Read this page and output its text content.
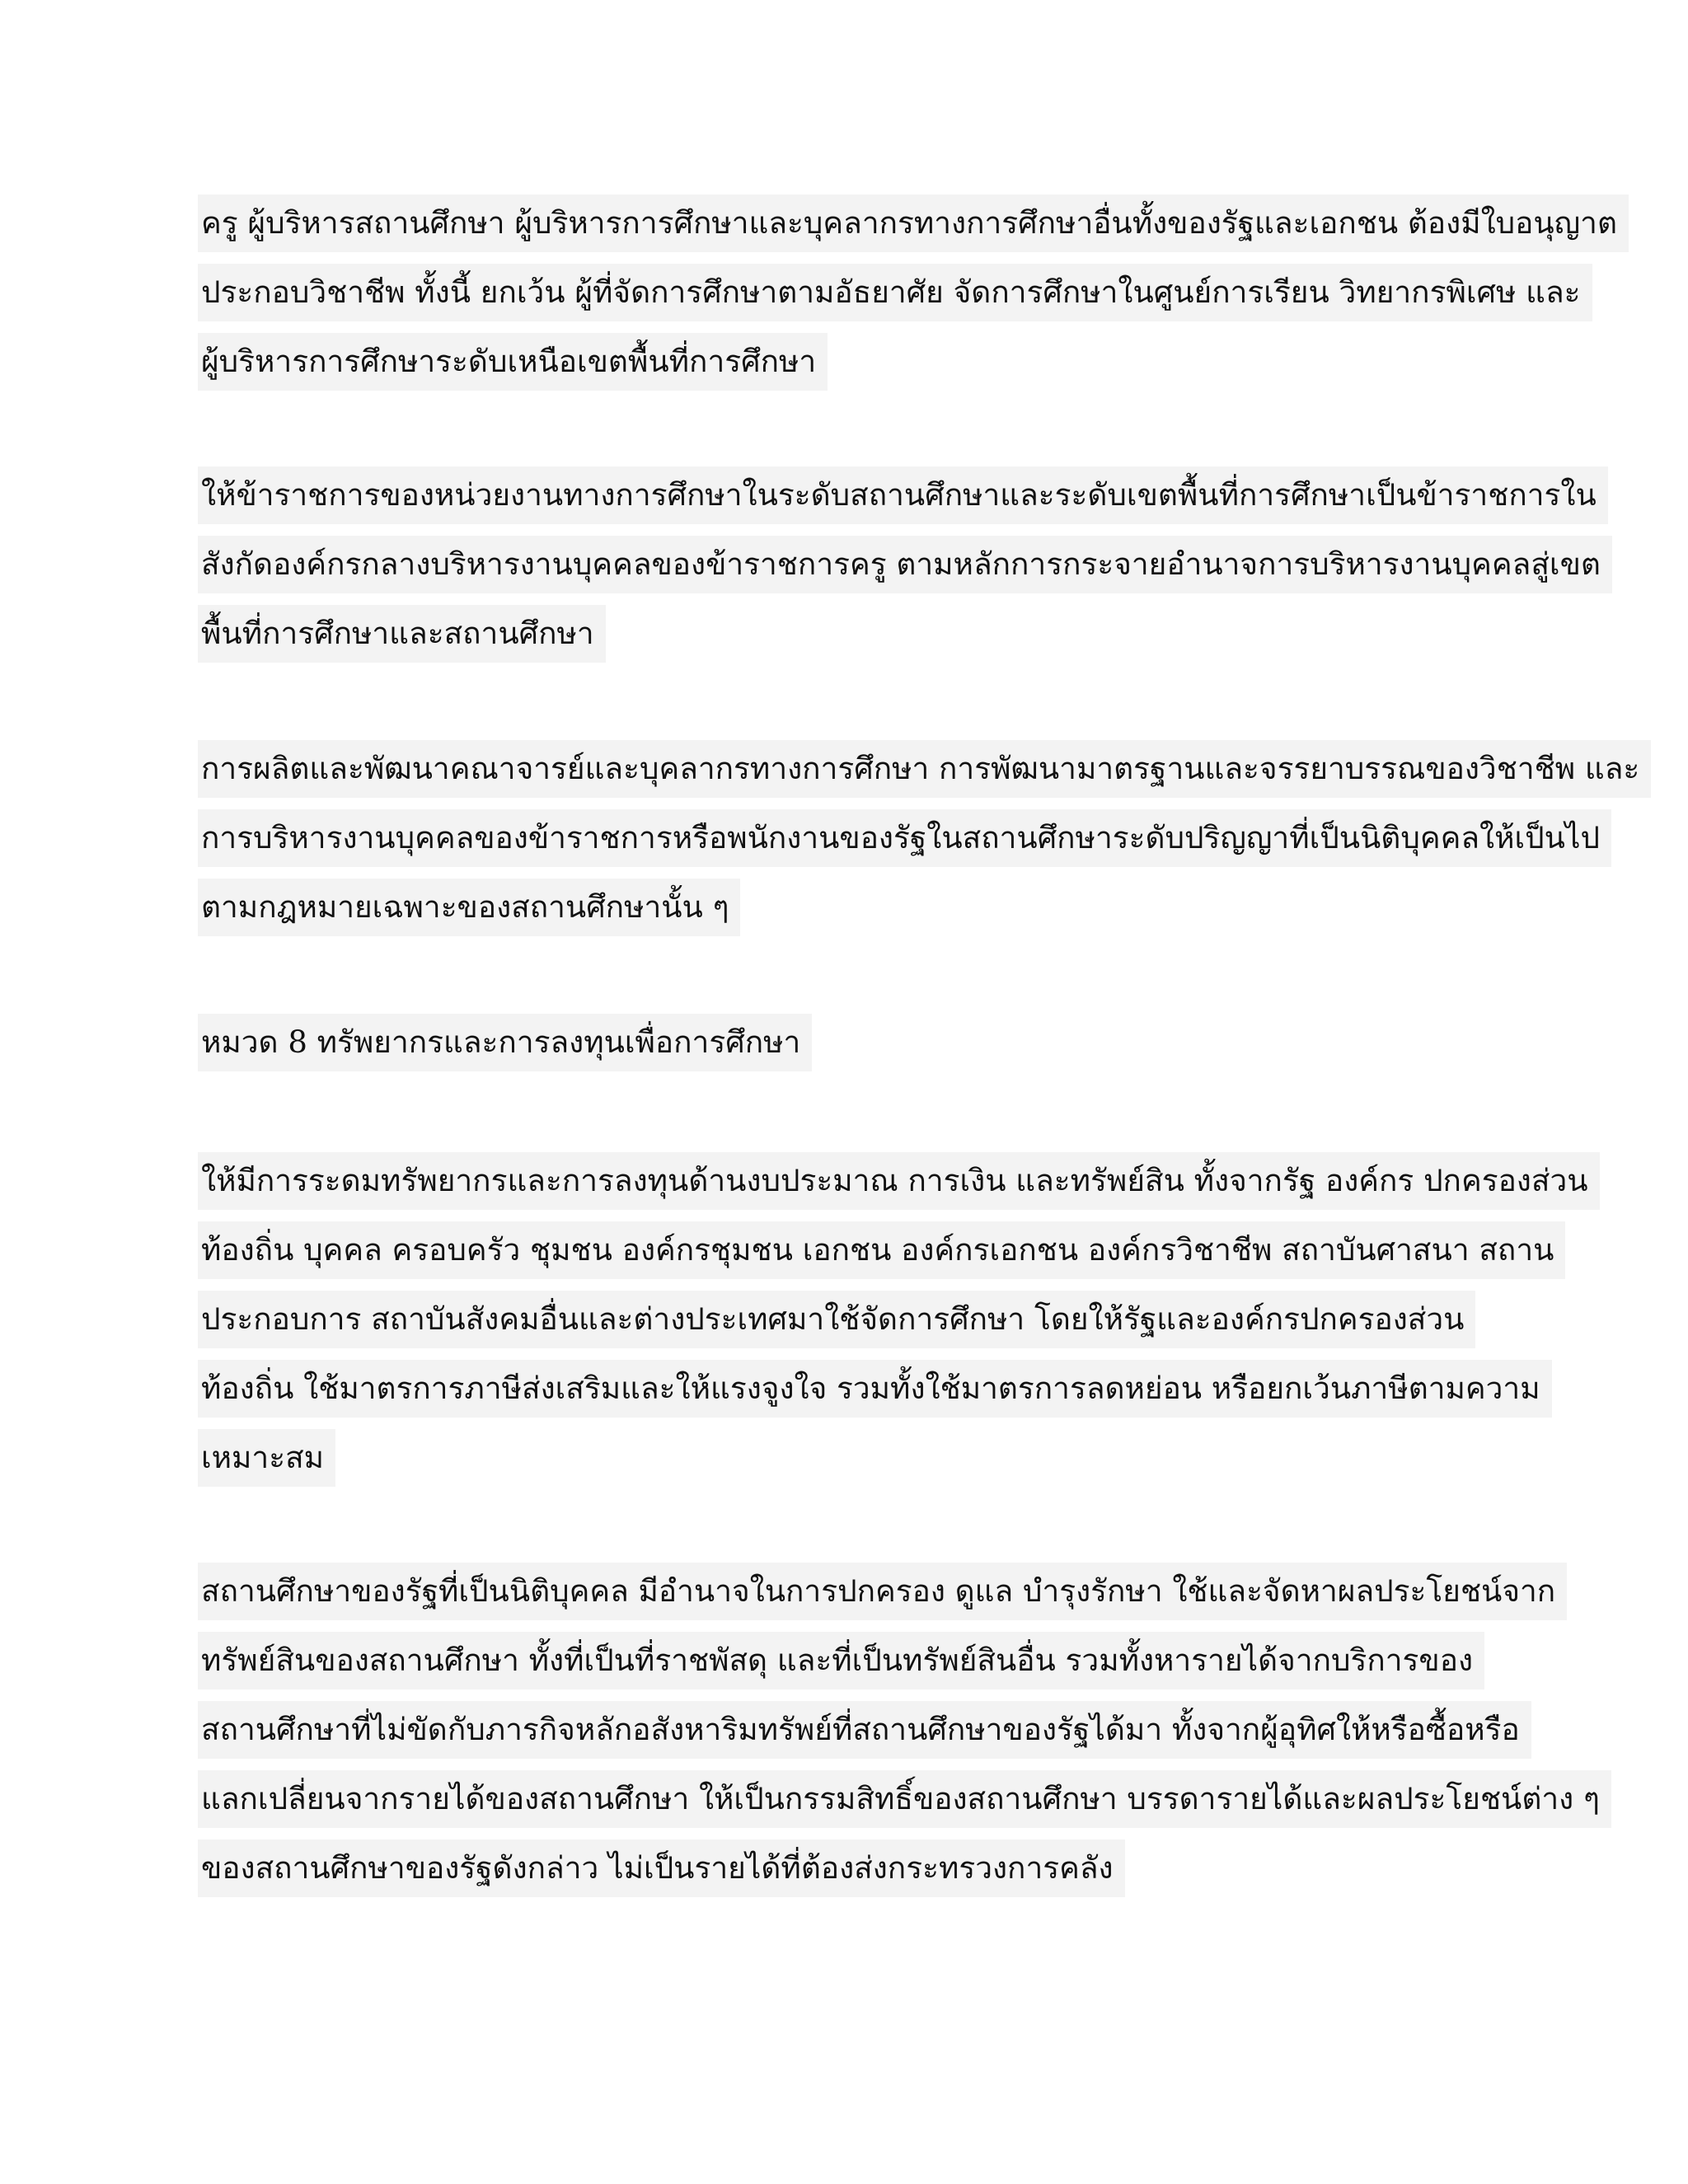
ครู ผู้บริหารสถานศึกษา ผู้บริหารการศึกษาและบุคลากรทางการศึกษาอื่นทั้งของรัฐและเอกชน ต้องมีใบอนุญาต
ประกอบวิชาชีพ ทั้งนี้ ยกเว้น ผู้ที่จัดการศึกษาตามอัธยาศัย จัดการศึกษาในศูนย์การเรียน วิทยากรพิเศษ และ
ผู้บริหารการศึกษาระดับเหนือเขตพื้นที่การศึกษา
ให้ข้าราชการของหน่วยงานทางการศึกษาในระดับสถานศึกษาและระดับเขตพื้นที่การศึกษาเป็นข้าราชการใน
สังกัดองค์กรกลางบริหารงานบุคคลของข้าราชการครู ตามหลักการกระจายอำนาจการบริหารงานบุคคลสู่เขต
พื้นที่การศึกษาและสถานศึกษา
การผลิตและพัฒนาคณาจารย์และบุคลากรทางการศึกษา การพัฒนามาตรฐานและจรรยาบรรณของวิชาชีพ และ
การบริหารงานบุคคลของข้าราชการหรือพนักงานของรัฐในสถานศึกษาระดับปริญญาที่เป็นนิติบุคคลให้เป็นไป
ตามกฎหมายเฉพาะของสถานศึกษานั้น ๆ
หมวด 8 ทรัพยากรและการลงทุนเพื่อการศึกษา
ให้มีการระดมทรัพยากรและการลงทุนด้านงบประมาณ การเงิน และทรัพย์สิน ทั้งจากรัฐ องค์กร ปกครองส่วน
ท้องถิ่น บุคคล ครอบครัว ชุมชน องค์กรชุมชน เอกชน องค์กรเอกชน องค์กรวิชาชีพ สถาบันศาสนา สถาน
ประกอบการ สถาบันสังคมอื่นและต่างประเทศมาใช้จัดการศึกษา โดยให้รัฐและองค์กรปกครองส่วน
ท้องถิ่น ใช้มาตรการภาษีส่งเสริมและให้แรงจูงใจ รวมทั้งใช้มาตรการลดหย่อน หรือยกเว้นภาษีตามความ
เหมาะสม
สถานศึกษาของรัฐที่เป็นนิติบุคคล มีอำนาจในการปกครอง ดูแล บำรุงรักษา ใช้และจัดหาผลประโยชน์จาก
ทรัพย์สินของสถานศึกษา ทั้งที่เป็นที่ราชพัสดุ และที่เป็นทรัพย์สินอื่น รวมทั้งหารายได้จากบริการของ
สถานศึกษาที่ไม่ขัดกับภารกิจหลักอสังหาริมทรัพย์ที่สถานศึกษาของรัฐได้มา ทั้งจากผู้อุทิศให้หรือซื้อหรือ
แลกเปลี่ยนจากรายได้ของสถานศึกษา ให้เป็นกรรมสิทธิ์ของสถานศึกษา บรรดารายได้และผลประโยชน์ต่าง ๆ
ของสถานศึกษาของรัฐดังกล่าว ไม่เป็นรายได้ที่ต้องส่งกระทรวงการคลัง
